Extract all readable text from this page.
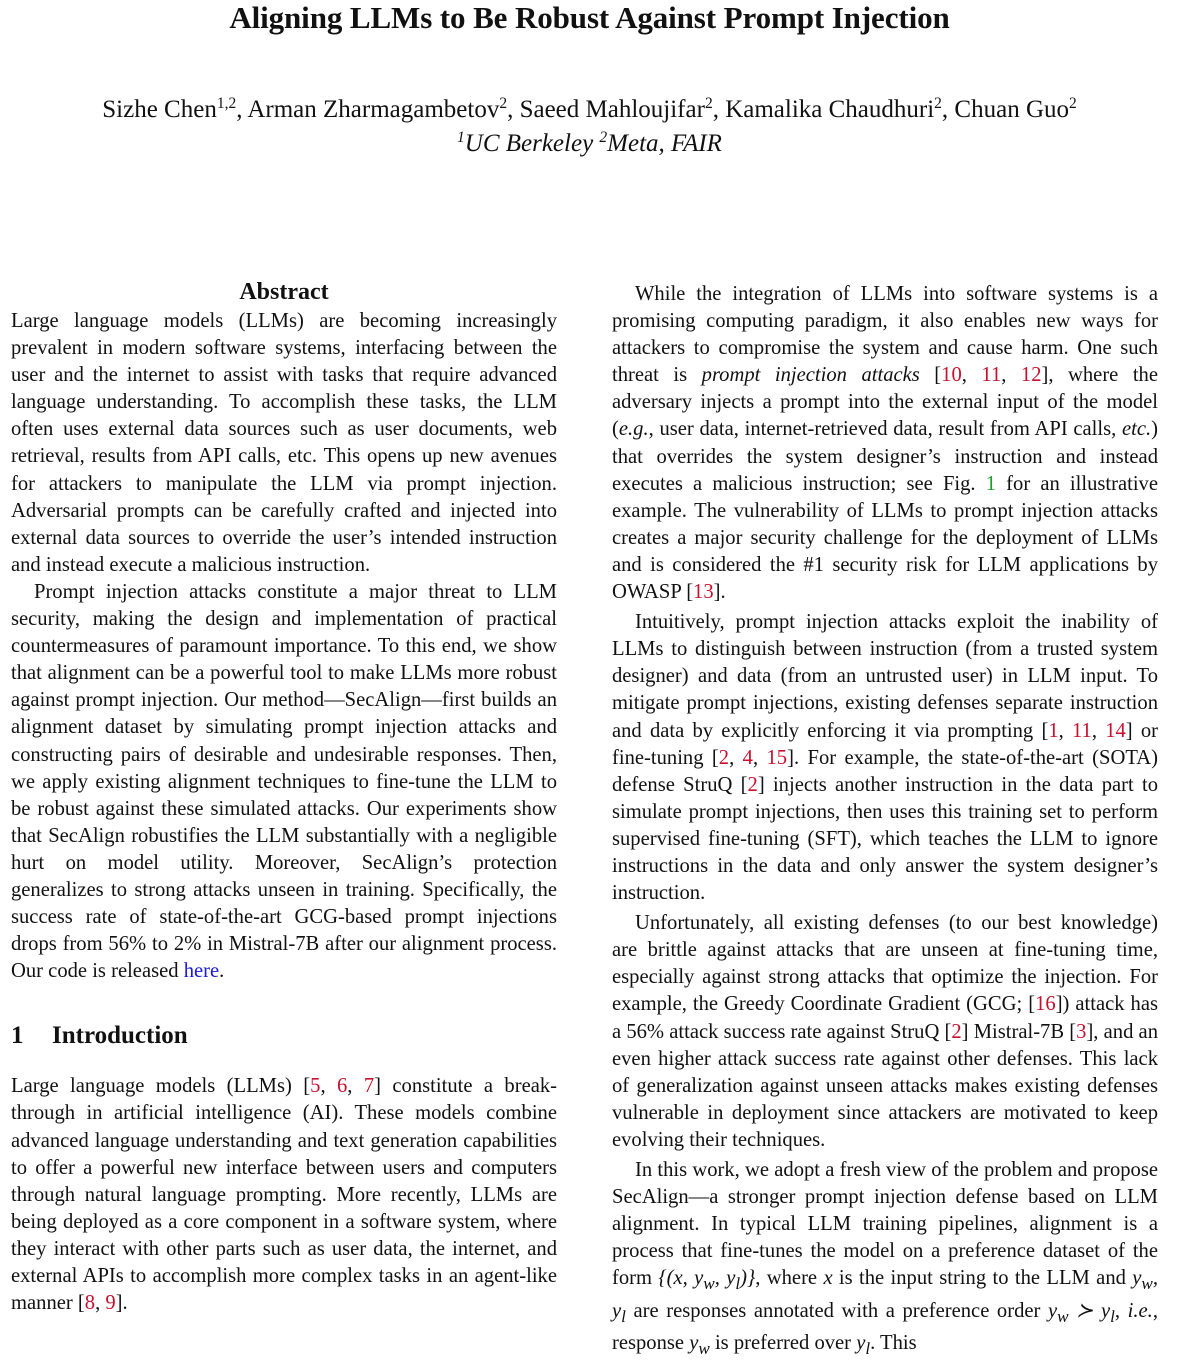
Aligning LLMs to Be Robust Against Prompt Injection
Sizhe Chen$^{1,2}$, Arman Zharmagambetov$^2$, Saeed Mahloujifar$^2$, Kamalika Chaudhuri$^2$, Chuan Guo$^2$
$^1$UC Berkeley $^2$Meta, FAIR
Abstract

Large language models (LLMs) are becoming increasingly prevalent in modern software systems, interfacing between the user and the internet to assist with tasks that require advanced language understanding. To accomplish these tasks, the LLM often uses external data sources such as user documents, web retrieval, results from API calls, etc. This opens up new avenues for attackers to manipulate the LLM via prompt injection. Adversarial prompts can be carefully crafted and injected into external data sources to override the user’s intended instruction and instead execute a malicious instruction.

Prompt injection attacks constitute a major threat to LLM security, making the design and implementation of practical countermeasures of paramount importance. To this end, we show that alignment can be a powerful tool to make LLMs more robust against prompt injection. Our method—SecAlign—first builds an alignment dataset by simulating prompt injection attacks and constructing pairs of desirable and undesirable responses. Then, we apply existing alignment techniques to fine-tune the LLM to be robust against these simulated attacks. Our experiments show that SecAlign robustifies the LLM substantially with a negligible hurt on model utility. Moreover, SecAlign’s protection generalizes to strong attacks unseen in training. Specifically, the success rate of state-of-the-art GCG-based prompt injections drops from 56% to 2% in Mistral-7B after our alignment process. Our code is released here.

1 Introduction

Large language models (LLMs) [5, 6, 7] constitute a breakthrough in artificial intelligence (AI). These models combine advanced language understanding and text generation capabilities to offer a powerful new interface between users and computers through natural language prompting. More recently, LLMs are being deployed as a core component in a software system, where they interact with other parts such as user data, the internet, and external APIs to accomplish more complex tasks in an agent-like manner [8, 9].

While the integration of LLMs into software systems is a promising computing paradigm, it also enables new ways for attackers to compromise the system and cause harm. One such threat is prompt injection attacks [10, 11, 12], where the adversary injects a prompt into the external input of the model (e.g., user data, internet-retrieved data, result from API calls, etc.) that overrides the system designer’s instruction and instead executes a malicious instruction; see Fig. 1 for an illustrative example. The vulnerability of LLMs to prompt injection attacks creates a major security challenge for the deployment of LLMs and is considered the #1 security risk for LLM applications by OWASP [13].

Intuitively, prompt injection attacks exploit the inability of LLMs to distinguish between instruction (from a trusted system designer) and data (from an untrusted user) in LLM input. To mitigate prompt injections, existing defenses separate instruction and data by explicitly enforcing it via prompting [1, 11, 14] or fine-tuning [2, 4, 15]. For example, the state-of-the-art (SOTA) defense StruQ [2] injects another instruction in the data part to simulate prompt injections, then uses this training set to perform supervised fine-tuning (SFT), which teaches the LLM to ignore instructions in the data and only answer the system designer’s instruction.

Unfortunately, all existing defenses (to our best knowledge) are brittle against attacks that are unseen at fine-tuning time, especially against strong attacks that optimize the injection. For example, the Greedy Coordinate Gradient (GCG; [16]) attack has a 56% attack success rate against StruQ [2] Mistral-7B [3], and an even higher attack success rate against other defenses. This lack of generalization against unseen attacks makes existing defenses vulnerable in deployment since attackers are motivated to keep evolving their techniques.

In this work, we adopt a fresh view of the problem and propose SecAlign—a stronger prompt injection defense based on LLM alignment. In typical LLM training pipelines, alignment is a process that fine-tunes the model on a preference dataset of the form {(x, $y_w$, $y_l$)}, where x is the input string to the LLM and $y_w$, $y_l$ are responses annotated with a preference order $y_w$ ≻ $y_l$, i.e., response $y_w$ is preferred over $y_l$. This
